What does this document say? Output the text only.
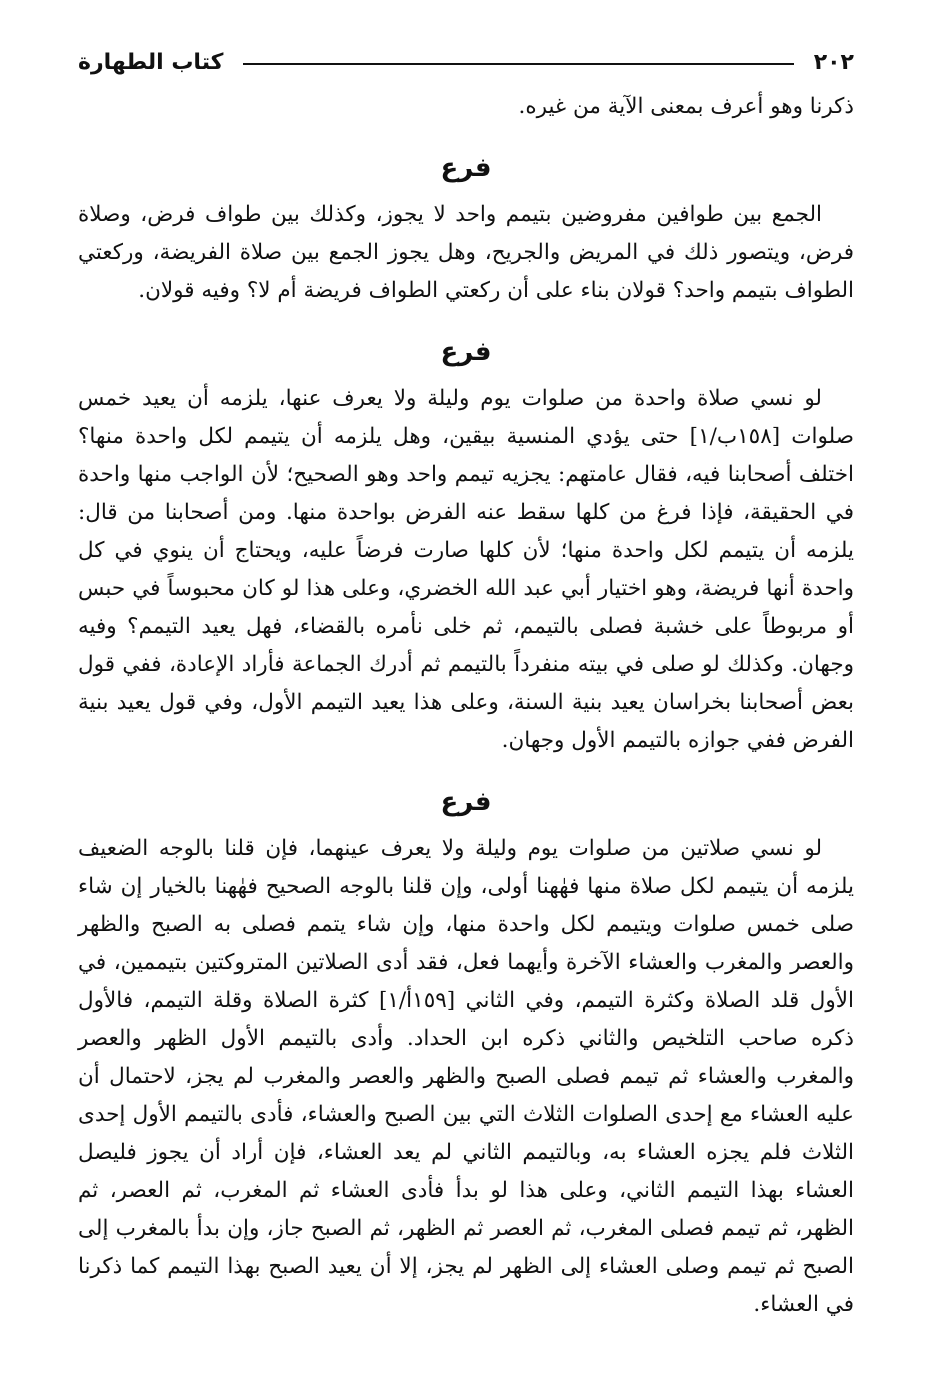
٢٠٢
كتاب الطهارة

ذكرنا وهو أعرف بمعنى الآية من غيره.

فرع

الجمع بين طوافين مفروضين بتيمم واحد لا يجوز، وكذلك بين طواف فرض، وصلاة فرض، ويتصور ذلك في المريض والجريح، وهل يجوز الجمع بين صلاة الفريضة، وركعتي الطواف بتيمم واحد؟ قولان بناء على أن ركعتي الطواف فريضة أم لا؟ وفيه قولان.

فرع

لو نسي صلاة واحدة من صلوات يوم وليلة ولا يعرف عنها، يلزمه أن يعيد خمس صلوات [١٥٨ب/١] حتى يؤدي المنسية بيقين، وهل يلزمه أن يتيمم لكل واحدة منها؟ اختلف أصحابنا فيه، فقال عامتهم: يجزيه تيمم واحد وهو الصحيح؛ لأن الواجب منها واحدة في الحقيقة، فإذا فرغ من كلها سقط عنه الفرض بواحدة منها. ومن أصحابنا من قال: يلزمه أن يتيمم لكل واحدة منها؛ لأن كلها صارت فرضاً عليه، ويحتاج أن ينوي في كل واحدة أنها فريضة، وهو اختيار أبي عبد الله الخضري، وعلى هذا لو كان محبوساً في حبس أو مربوطاً على خشبة فصلى بالتيمم، ثم خلى نأمره بالقضاء، فهل يعيد التيمم؟ وفيه وجهان. وكذلك لو صلى في بيته منفرداً بالتيمم ثم أدرك الجماعة فأراد الإعادة، ففي قول بعض أصحابنا بخراسان يعيد بنية السنة، وعلى هذا يعيد التيمم الأول، وفي قول يعيد بنية الفرض ففي جوازه بالتيمم الأول وجهان.

فرع

لو نسي صلاتين من صلوات يوم وليلة ولا يعرف عينهما، فإن قلنا بالوجه الضعيف يلزمه أن يتيمم لكل صلاة منها فهٰهنا أولى، وإن قلنا بالوجه الصحيح فهٰهنا بالخيار إن شاء صلى خمس صلوات ويتيمم لكل واحدة منها، وإن شاء يتمم فصلى به الصبح والظهر والعصر والمغرب والعشاء الآخرة وأيهما فعل، فقد أدى الصلاتين المتروكتين بتيممين، في الأول قلد الصلاة وكثرة التيمم، وفي الثاني [١٥٩أ/١] كثرة الصلاة وقلة التيمم، فالأول ذكره صاحب التلخيص والثاني ذكره ابن الحداد. وأدى بالتيمم الأول الظهر والعصر والمغرب والعشاء ثم تيمم فصلى الصبح والظهر والعصر والمغرب لم يجز، لاحتمال أن عليه العشاء مع إحدى الصلوات الثلاث التي بين الصبح والعشاء، فأدى بالتيمم الأول إحدى الثلاث فلم يجزه العشاء به، وبالتيمم الثاني لم يعد العشاء، فإن أراد أن يجوز فليصل العشاء بهذا التيمم الثاني، وعلى هذا لو بدأ فأدى العشاء ثم المغرب، ثم العصر، ثم الظهر، ثم تيمم فصلى المغرب، ثم العصر ثم الظهر، ثم الصبح جاز، وإن بدأ بالمغرب إلى الصبح ثم تيمم وصلى العشاء إلى الظهر لم يجز، إلا أن يعيد الصبح بهذا التيمم كما ذكرنا في العشاء.
